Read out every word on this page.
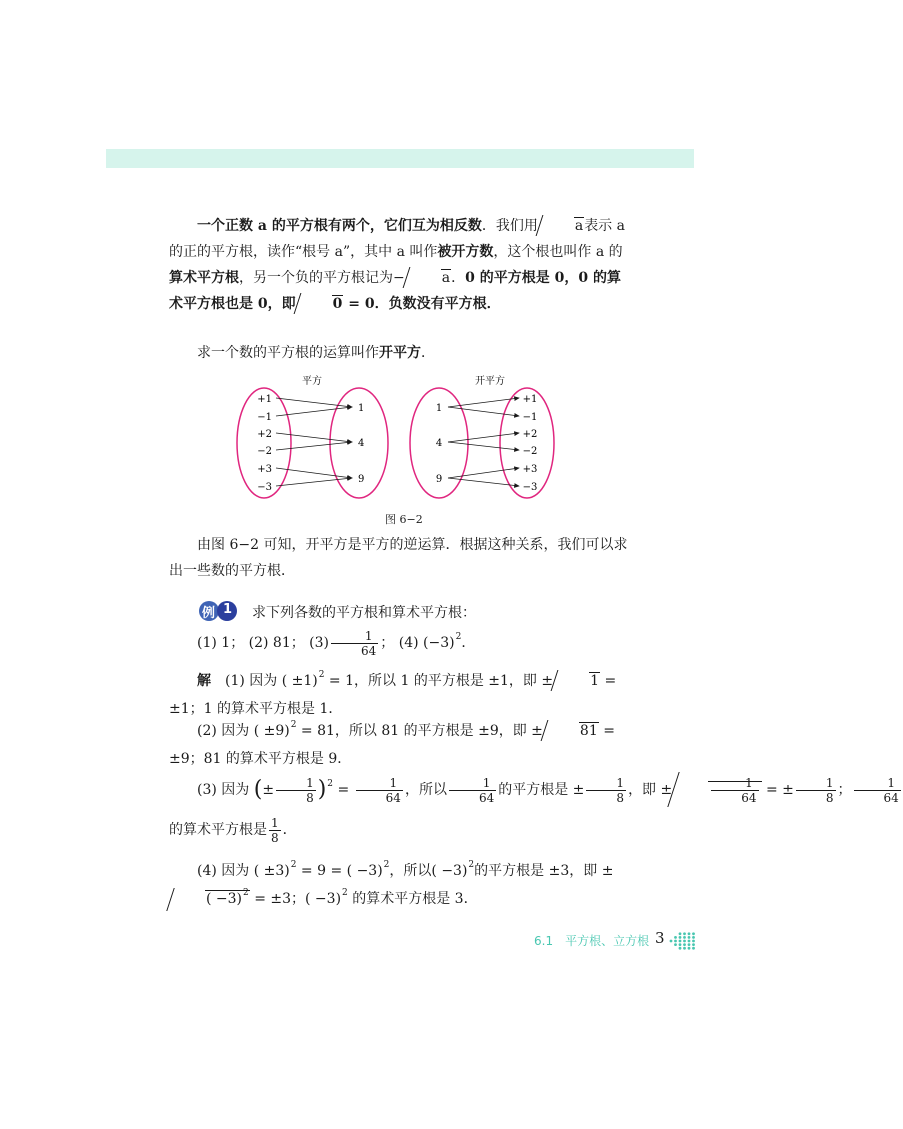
一个正数 a 的平方根有两个，它们互为相反数．我们用	a表示 a 的正的平方根，读作“根号 a”，其中 a 叫作被开方数，这个根也叫作 a 的算术平方根，另一个负的平方根记为−	a．0 的平方根是 0，0 的算术平方根也是 0，即	0 = 0．负数没有平方根．

求一个数的平方根的运算叫作开平方．

平方	开平方
+1
−1
+2
−2
+3
−3
1
4
9
1
4
9
+1
−1
+2
−2
+3
−3
图 6−2

由图 6−2 可知，开平方是平方的逆运算．根据这种关系，我们可以求出一些数的平方根．

例 1 求下列各数的平方根和算术平方根：

(1) 1； (2) 81； $(3) \frac{1}{64}$ ； (4) $(-3)^2$．

解　 (1) 因为 ( ±1)$^2$ = 1，所以 1 的平方根是 ±1，即 ±	1 = ±1；1 的算术平方根是 1．

(2) 因为 ( ±9)$^2$ = 81，所以 81 的平方根是 ±9，即 ±	81 = ±9；81 的算术平方根是 9．

(3) 因为 (± $\frac{1}{8} )^2 = \frac{1}{64}$ ，所以 $\frac{1}{64}$ 的平方根是 ± $\frac{1}{8}$ ，即 ±	$\frac{1}{64}$ = ± $\frac{1}{8}$ ； $\frac{1}{64}$

的算术平方根是 $\frac{1}{8}$ ．

(4) 因为 ( ±3)$^2$ = 9 = ( −3)$^2$，所以( −3)$^2$的平方根是 ±3，即 ±( −3)$^2$ = ±3；( −3)$^2$ 的算术平方根是 3．

6.1　平方根、立方根 3
